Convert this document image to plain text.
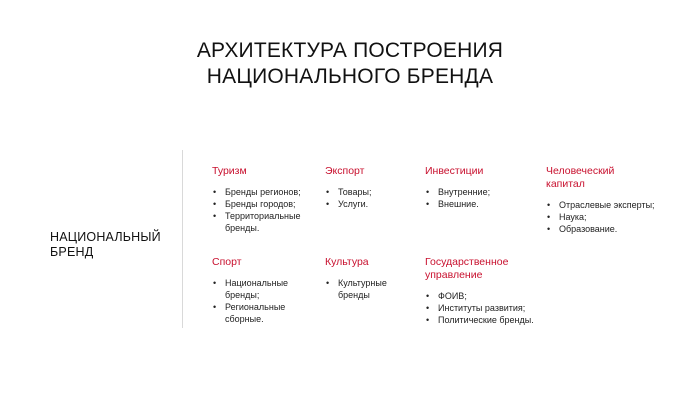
АРХИТЕКТУРА ПОСТРОЕНИЯ
НАЦИОНАЛЬНОГО БРЕНДА
НАЦИОНАЛЬНЫЙ
БРЕНД
Туризм
• Бренды регионов;
• Бренды городов;
• Территориальные бренды.
Экспорт
• Товары;
• Услуги.
Инвестиции
• Внутренние;
• Внешние.
Человеческий капитал
• Отраслевые эксперты;
• Наука;
• Образование.
Спорт
• Национальные бренды;
• Региональные сборные.
Культура
• Культурные бренды
Государственное управление
• ФОИВ;
• Институты развития;
• Политические бренды.
